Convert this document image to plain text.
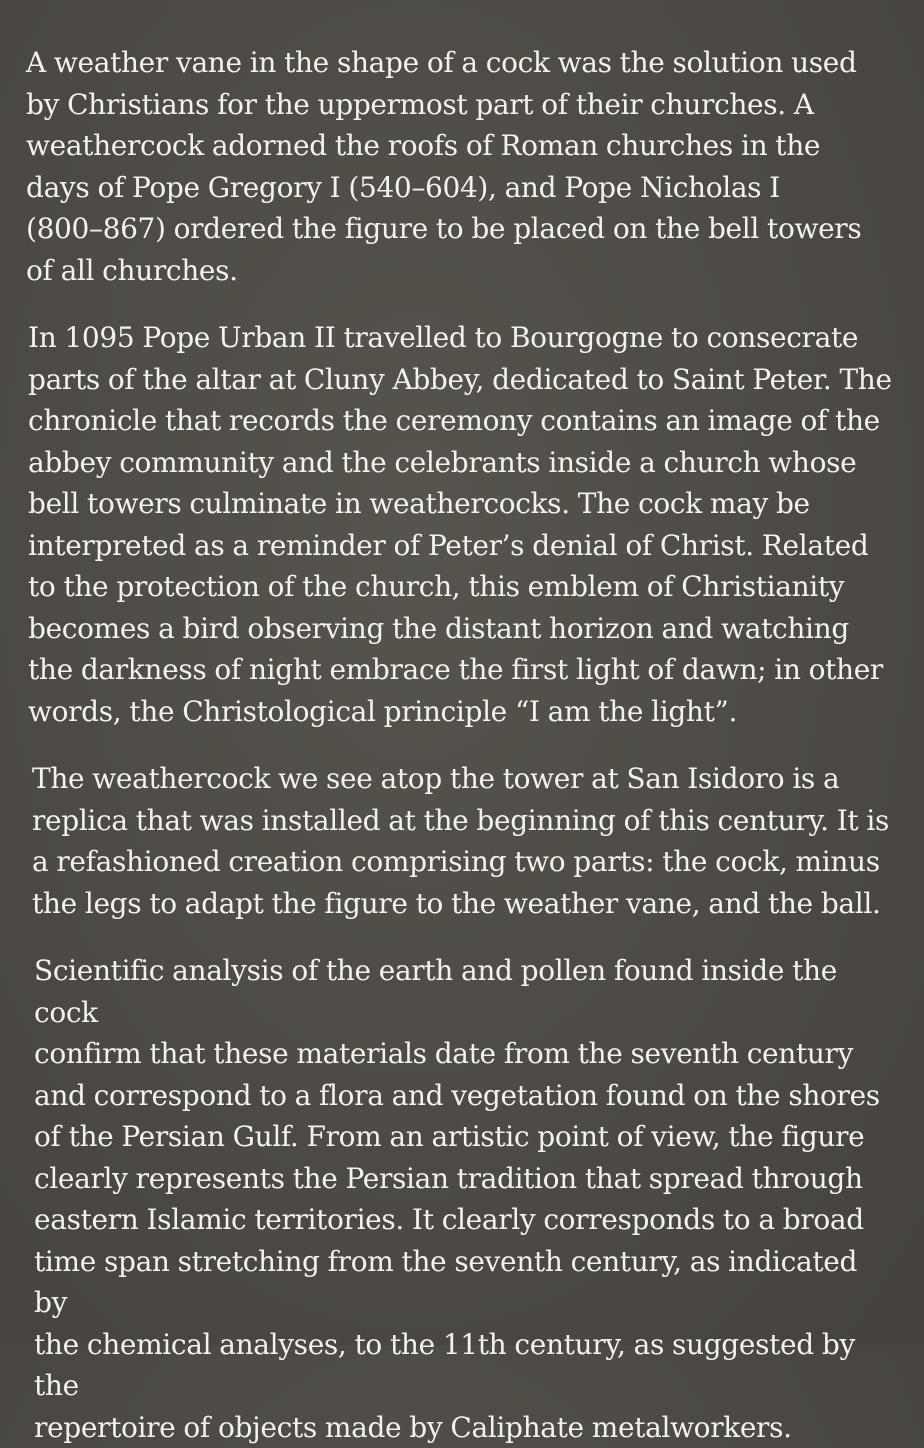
A weather vane in the shape of a cock was the solution used
by Christians for the uppermost part of their churches. A
weathercock adorned the roofs of Roman churches in the
days of Pope Gregory I (540–604), and Pope Nicholas I
(800–867) ordered the figure to be placed on the bell towers
of all churches.

In 1095 Pope Urban II travelled to Bourgogne to consecrate
parts of the altar at Cluny Abbey, dedicated to Saint Peter. The
chronicle that records the ceremony contains an image of the
abbey community and the celebrants inside a church whose
bell towers culminate in weathercocks. The cock may be
interpreted as a reminder of Peter’s denial of Christ. Related
to the protection of the church, this emblem of Christianity
becomes a bird observing the distant horizon and watching
the darkness of night embrace the first light of dawn; in other
words, the Christological principle “I am the light”.

The weathercock we see atop the tower at San Isidoro is a
replica that was installed at the beginning of this century. It is
a refashioned creation comprising two parts: the cock, minus
the legs to adapt the figure to the weather vane, and the ball.

Scientific analysis of the earth and pollen found inside the cock
confirm that these materials date from the seventh century
and correspond to a flora and vegetation found on the shores
of the Persian Gulf. From an artistic point of view, the figure
clearly represents the Persian tradition that spread through
eastern Islamic territories. It clearly corresponds to a broad
time span stretching from the seventh century, as indicated by
the chemical analyses, to the 11th century, as suggested by the
repertoire of objects made by Caliphate metalworkers.
